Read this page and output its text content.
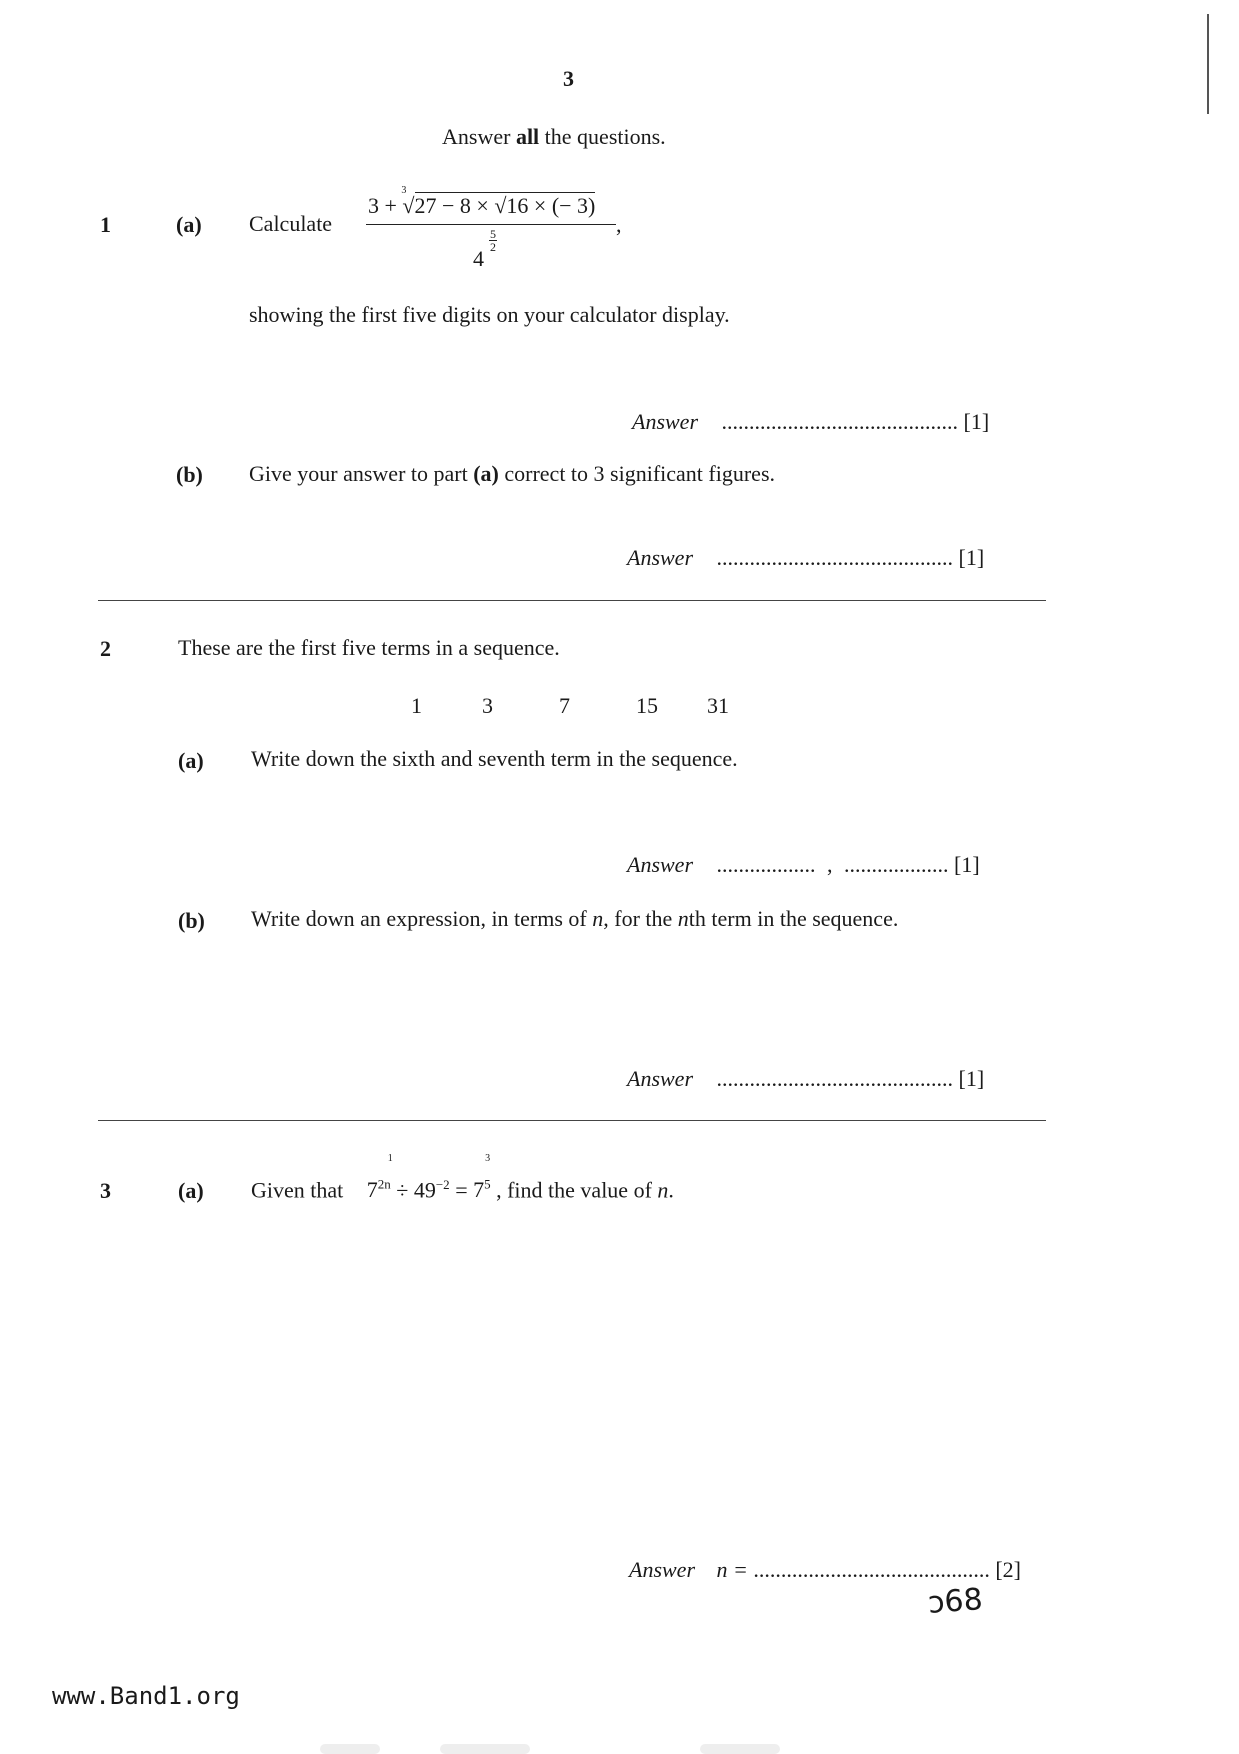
3
Answer all the questions.
1	(a) Calculate
3 +
3
√27 − 8 × √16 × (− 3)
,
4
5
2
showing the first five digits on your calculator display.
Answer ........................................... [1]
(b) Give your answer to part (a) correct to 3 significant figures.
Answer ........................................... [1]
2	These are the first five terms in a sequence.
1	3	7	15 31
(a) Write down the sixth and seventh term in the sequence.
Answer .................. , ................... [1]
(b) Write down an expression, in terms of n, for the nth term in the sequence.
Answer ........................................... [1]
3	(a) Given that $7^{2n}$
1
÷ $49^{-2} = 7^5$
3
, find the value of n.
Answer n = ........................................... [2]
ɔ68
www.Band1.org
